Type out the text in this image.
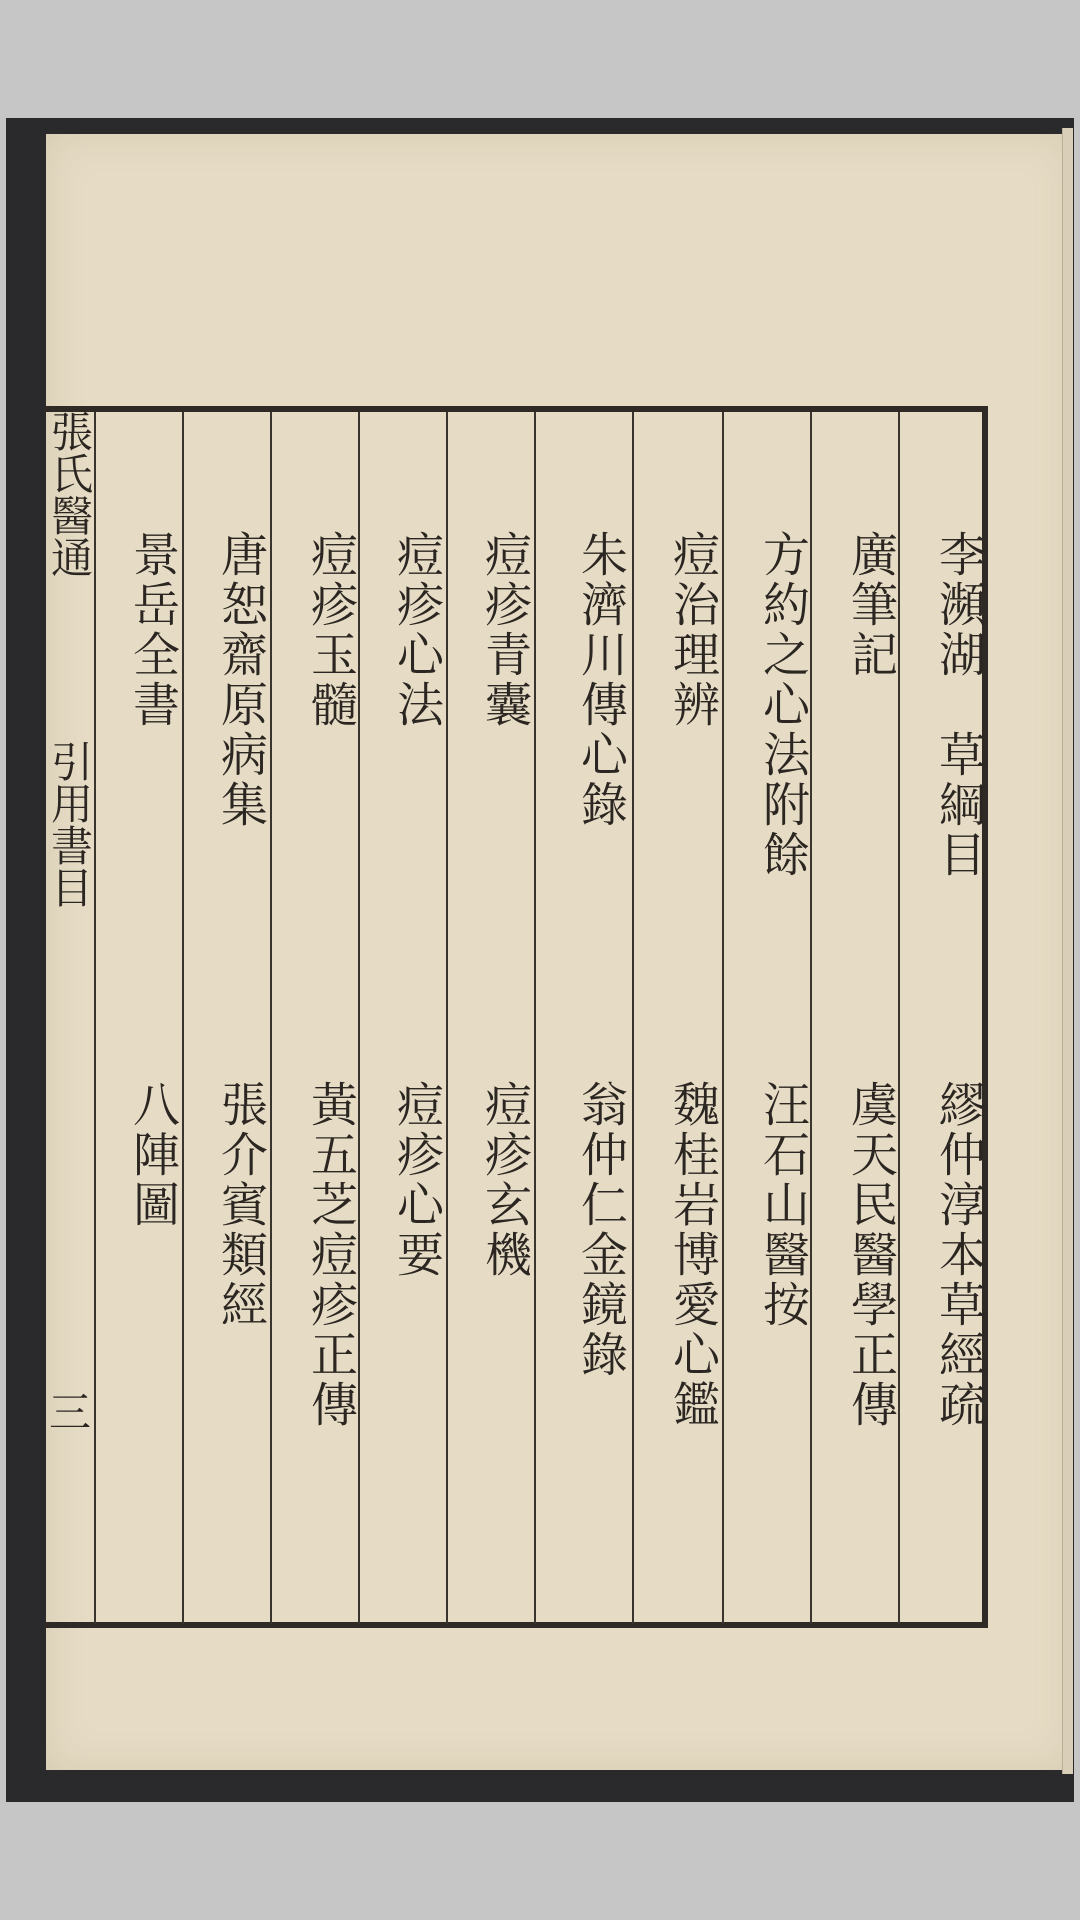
張氏醫通
引用書目
三
李瀕湖　草綱目
廣筆記
方約之心法附餘
痘治理辨
朱濟川傳心錄
痘疹青囊
痘疹心法
痘疹玉髓
唐恕齋原病集
景岳全書
繆仲淳本草經疏
虞天民醫學正傳
汪石山醫按
魏桂岩博愛心鑑
翁仲仁金鏡錄
痘疹玄機
痘疹心要
黃五芝痘疹正傳
張介賓類經
八陣圖
